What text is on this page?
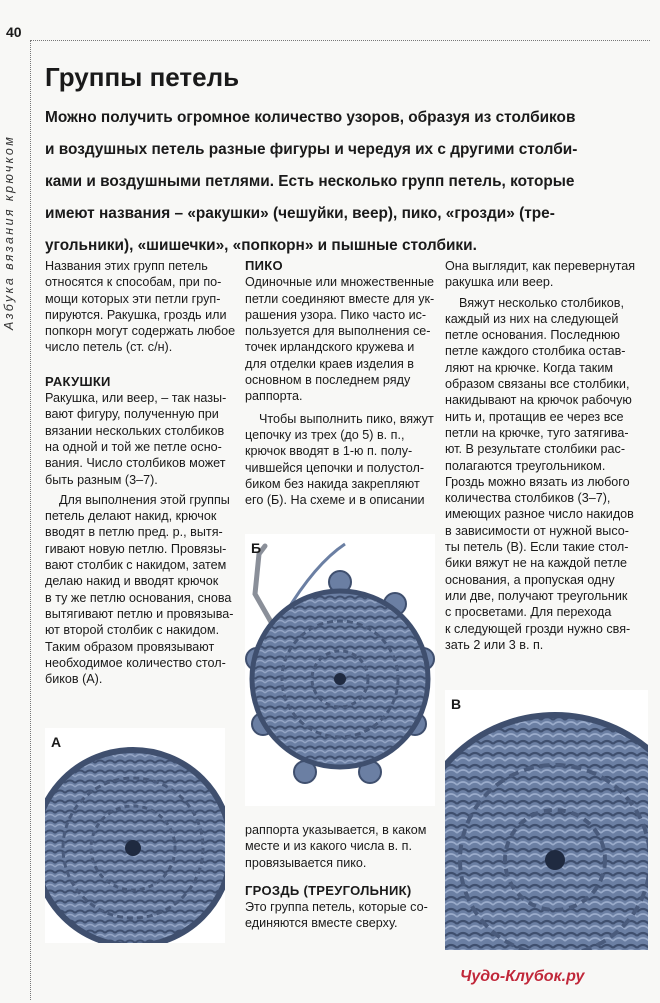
40
Азбука вязания крючком
Группы петель
Можно получить огромное количество узоров, образуя из столбиков
и воздушных петель разные фигуры и чередуя их с другими столби-
ками и воздушными петлями. Есть несколько групп петель, которые
имеют названия – «ракушки» (чешуйки, веер), пико, «грозди» (тре-
угольники), «шишечки», «попкорн» и пышные столбики.
Названия этих групп петель
относятся к способам, при по-
мощи которых эти петли груп-
пируются. Ракушка, гроздь или
попкорн могут содержать любое
число петель (ст. с/н).
РАКУШКИ
Ракушка, или веер, – так назы-
вают фигуру, полученную при
вязании нескольких столбиков
на одной и той же петле осно-
вания. Число столбиков может
быть разным (3–7).
Для выполнения этой группы
петель делают накид, крючок
вводят в петлю пред. р., вытя-
гивают новую петлю. Провязы-
вают столбик с накидом, затем
делаю накид и вводят крючок
в ту же петлю основания, снова
вытягивают петлю и провязыва-
ют второй столбик с накидом.
Таким образом провязывают
необходимое количество стол-
биков (А).
ПИКО
Одиночные или множественные
петли соединяют вместе для ук-
рашения узора. Пико часто ис-
пользуется для выполнения се-
точек ирландского кружева и
для отделки краев изделия в
основном в последнем ряду
раппорта.
Чтобы выполнить пико, вяжут
цепочку из трех (до 5) в. п.,
крючок вводят в 1-ю п. полу-
чившейся цепочки и полустол-
биком без накида закрепляют
его (Б). На схеме и в описании
раппорта указывается, в каком
месте и из какого числа в. п.
провязывается пико.
ГРОЗДЬ (ТРЕУГОЛЬНИК)
Это группа петель, которые со-
единяются вместе сверху.
Она выглядит, как перевернутая
ракушка или веер.
Вяжут несколько столбиков,
каждый из них на следующей
петле основания. Последнюю
петле каждого столбика остав-
ляют на крючке. Когда таким
образом связаны все столбики,
накидывают на крючок рабочую
нить и, протащив ее через все
петли на крючке, туго затягива-
ют. В результате столбики рас-
полагаются треугольником.
Гроздь можно вязать из любого
количества столбиков (3–7),
имеющих разное число накидов
в зависимости от нужной высо-
ты петель (В). Если такие стол-
бики вяжут не на каждой петле
основания, а пропуская одну
или две, получают треугольник
с просветами. Для перехода
к следующей грозди нужно свя-
зать 2 или 3 в. п.
А
Б
В
Чудо-Клубок.ру
